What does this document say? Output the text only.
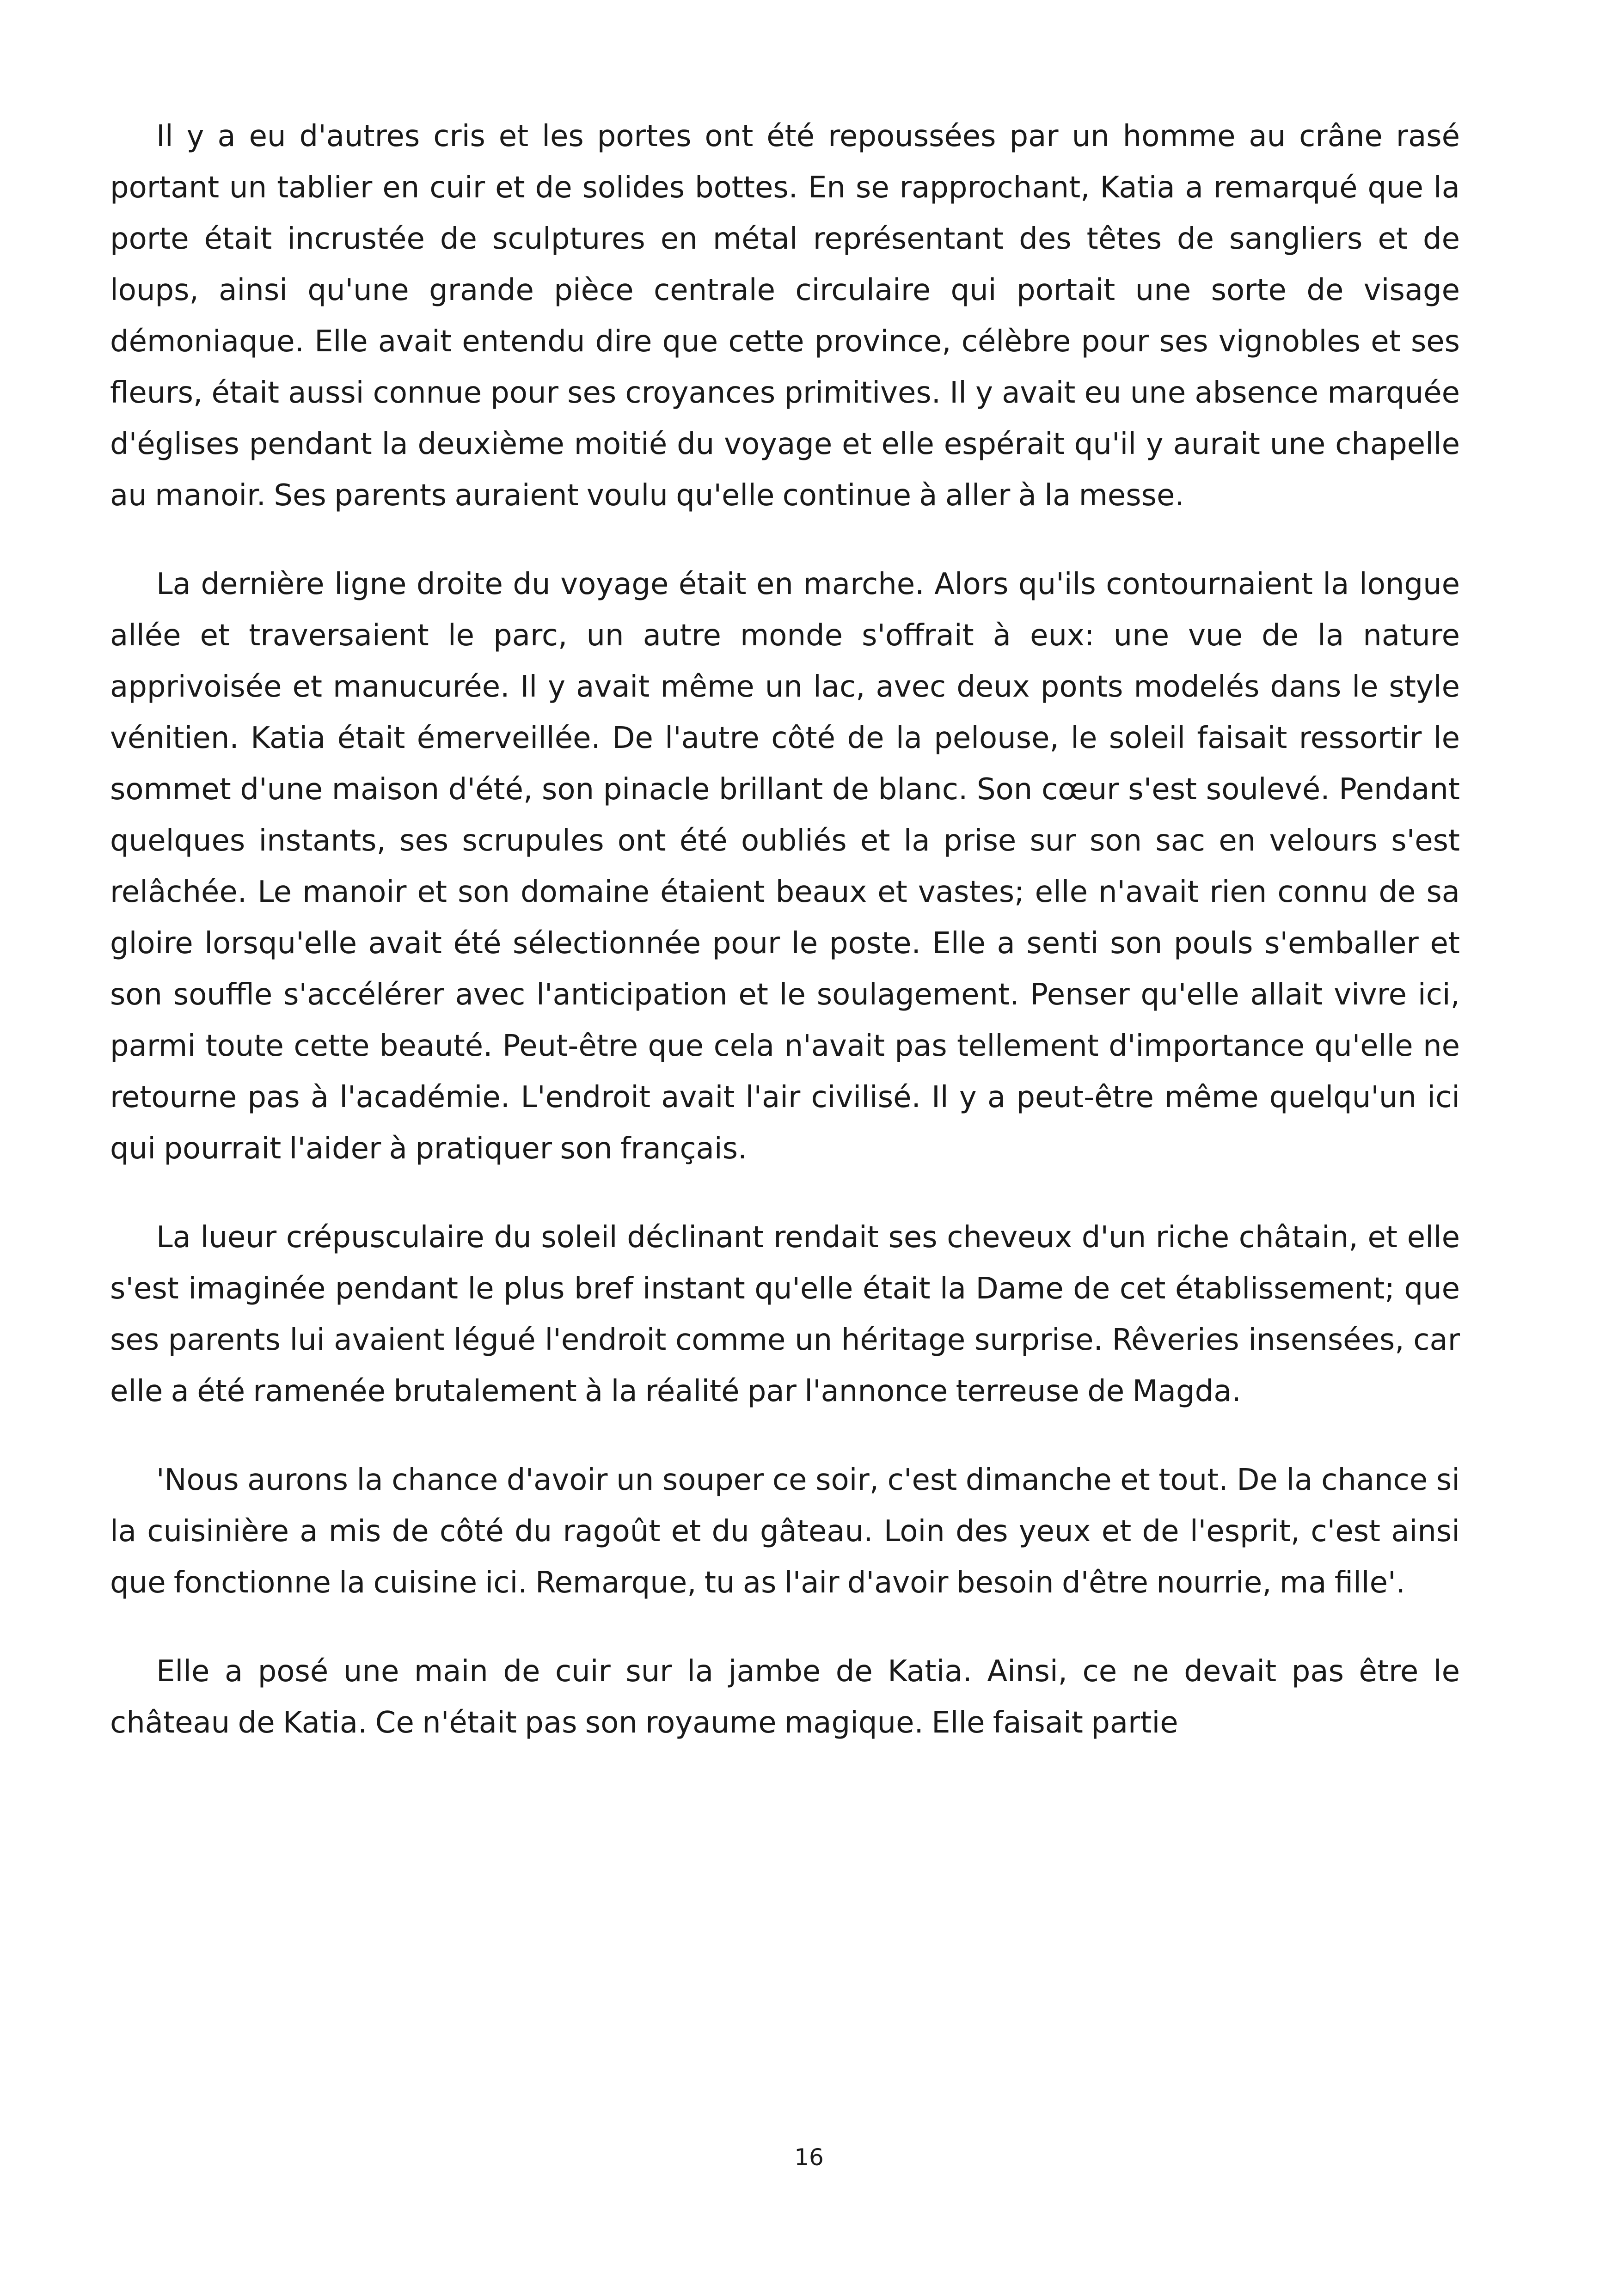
Il y a eu d'autres cris et les portes ont été repoussées par un homme au crâne rasé portant un tablier en cuir et de solides bottes. En se rapprochant, Katia a remarqué que la porte était incrustée de sculptures en métal représentant des têtes de sangliers et de loups, ainsi qu'une grande pièce centrale circulaire qui portait une sorte de visage démoniaque. Elle avait entendu dire que cette province, célèbre pour ses vignobles et ses fleurs, était aussi connue pour ses croyances primitives. Il y avait eu une absence marquée d'églises pendant la deuxième moitié du voyage et elle espérait qu'il y aurait une chapelle au manoir. Ses parents auraient voulu qu'elle continue à aller à la messe.

La dernière ligne droite du voyage était en marche. Alors qu'ils contournaient la longue allée et traversaient le parc, un autre monde s'offrait à eux: une vue de la nature apprivoisée et manucurée. Il y avait même un lac, avec deux ponts modelés dans le style vénitien. Katia était émerveillée. De l'autre côté de la pelouse, le soleil faisait ressortir le sommet d'une maison d'été, son pinacle brillant de blanc. Son cœur s'est soulevé. Pendant quelques instants, ses scrupules ont été oubliés et la prise sur son sac en velours s'est relâchée. Le manoir et son domaine étaient beaux et vastes; elle n'avait rien connu de sa gloire lorsqu'elle avait été sélectionnée pour le poste. Elle a senti son pouls s'emballer et son souffle s'accélérer avec l'anticipation et le soulagement. Penser qu'elle allait vivre ici, parmi toute cette beauté. Peut-être que cela n'avait pas tellement d'importance qu'elle ne retourne pas à l'académie. L'endroit avait l'air civilisé. Il y a peut-être même quelqu'un ici qui pourrait l'aider à pratiquer son français.

La lueur crépusculaire du soleil déclinant rendait ses cheveux d'un riche châtain, et elle s'est imaginée pendant le plus bref instant qu'elle était la Dame de cet établissement; que ses parents lui avaient légué l'endroit comme un héritage surprise. Rêveries insensées, car elle a été ramenée brutalement à la réalité par l'annonce terreuse de Magda.

'Nous aurons la chance d'avoir un souper ce soir, c'est dimanche et tout. De la chance si la cuisinière a mis de côté du ragoût et du gâteau. Loin des yeux et de l'esprit, c'est ainsi que fonctionne la cuisine ici. Remarque, tu as l'air d'avoir besoin d'être nourrie, ma fille'.

Elle a posé une main de cuir sur la jambe de Katia. Ainsi, ce ne devait pas être le château de Katia. Ce n'était pas son royaume magique. Elle faisait partie

16
